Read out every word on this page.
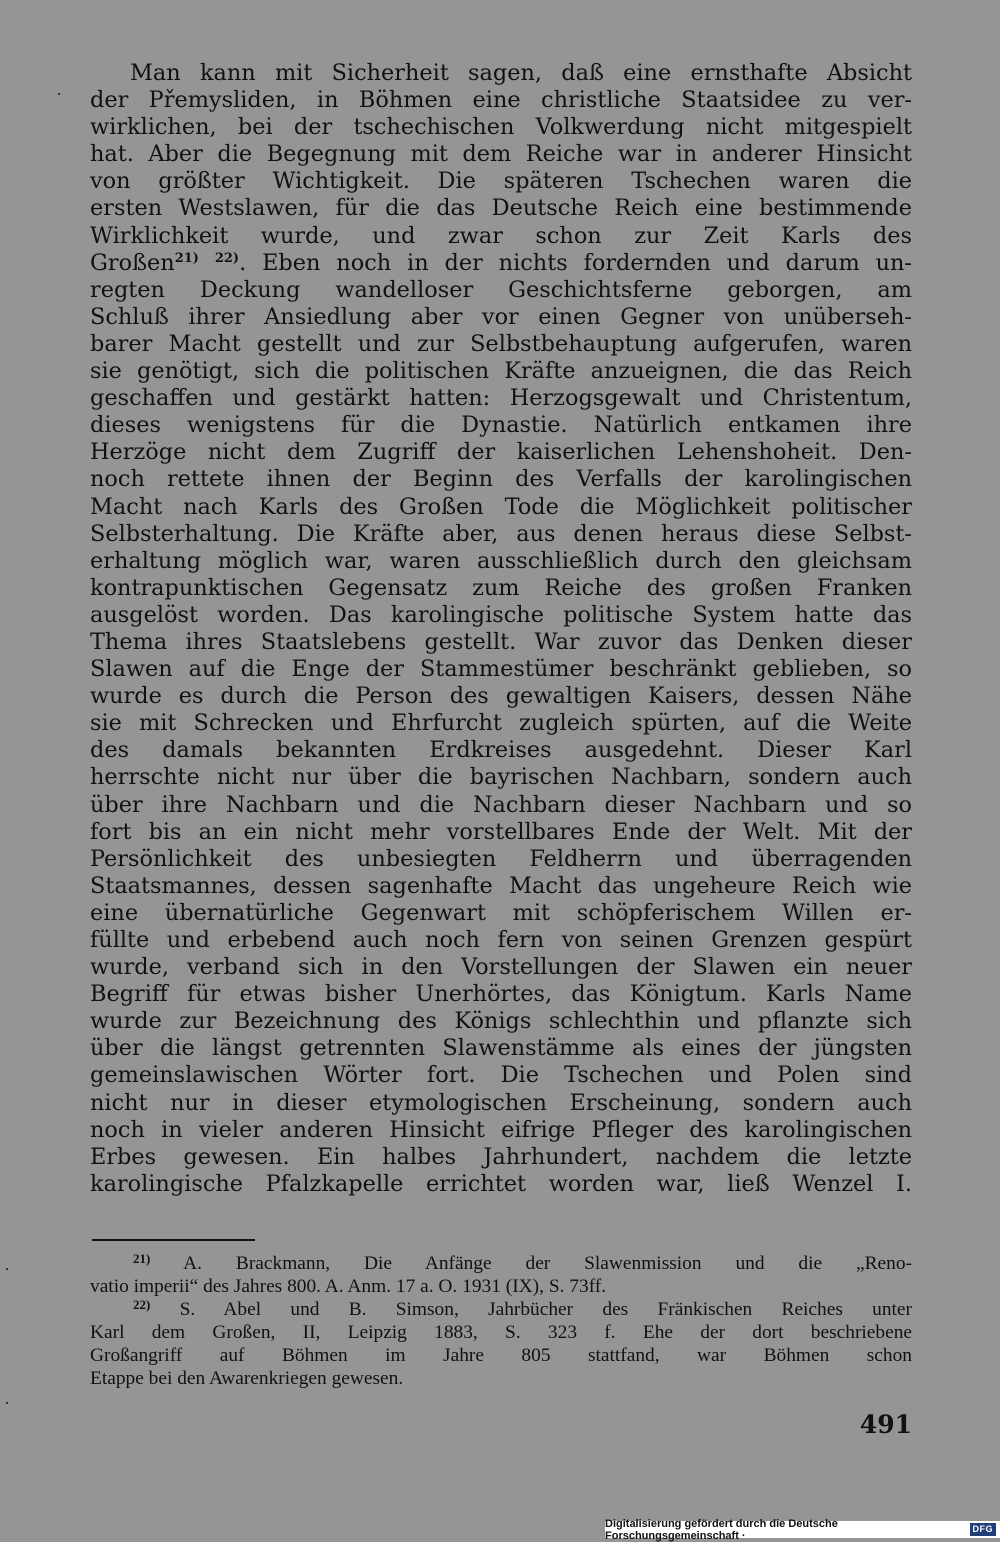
Man kann mit Sicherheit sagen, daß eine ernsthafte Absicht
der Přemysliden, in Böhmen eine christliche Staatsidee zu ver-
wirklichen, bei der tschechischen Volkwerdung nicht mitgespielt
hat. Aber die Begegnung mit dem Reiche war in anderer Hinsicht
von größter Wichtigkeit. Die späteren Tschechen waren die
ersten Westslawen, für die das Deutsche Reich eine bestimmende
Wirklichkeit wurde, und zwar schon zur Zeit Karls des
Großen$^{21)}$ $^{22)}$. Eben noch in der nichts fordernden und darum un-
regten Deckung wandelloser Geschichtsferne geborgen, am
Schluß ihrer Ansiedlung aber vor einen Gegner von unüberseh-
barer Macht gestellt und zur Selbstbehauptung aufgerufen, waren
sie genötigt, sich die politischen Kräfte anzueignen, die das Reich
geschaffen und gestärkt hatten: Herzogsgewalt und Christentum,
dieses wenigstens für die Dynastie. Natürlich entkamen ihre
Herzöge nicht dem Zugriff der kaiserlichen Lehenshoheit. Den-
noch rettete ihnen der Beginn des Verfalls der karolingischen
Macht nach Karls des Großen Tode die Möglichkeit politischer
Selbsterhaltung. Die Kräfte aber, aus denen heraus diese Selbst-
erhaltung möglich war, waren ausschließlich durch den gleichsam
kontrapunktischen Gegensatz zum Reiche des großen Franken
ausgelöst worden. Das karolingische politische System hatte das
Thema ihres Staatslebens gestellt. War zuvor das Denken dieser
Slawen auf die Enge der Stammestümer beschränkt geblieben, so
wurde es durch die Person des gewaltigen Kaisers, dessen Nähe
sie mit Schrecken und Ehrfurcht zugleich spürten, auf die Weite
des damals bekannten Erdkreises ausgedehnt. Dieser Karl
herrschte nicht nur über die bayrischen Nachbarn, sondern auch
über ihre Nachbarn und die Nachbarn dieser Nachbarn und so
fort bis an ein nicht mehr vorstellbares Ende der Welt. Mit der
Persönlichkeit des unbesiegten Feldherrn und überragenden
Staatsmannes, dessen sagenhafte Macht das ungeheure Reich wie
eine übernatürliche Gegenwart mit schöpferischem Willen er-
füllte und erbebend auch noch fern von seinen Grenzen gespürt
wurde, verband sich in den Vorstellungen der Slawen ein neuer
Begriff für etwas bisher Unerhörtes, das Königtum. Karls Name
wurde zur Bezeichnung des Königs schlechthin und pflanzte sich
über die längst getrennten Slawenstämme als eines der jüngsten
gemeinslawischen Wörter fort. Die Tschechen und Polen sind
nicht nur in dieser etymologischen Erscheinung, sondern auch
noch in vieler anderen Hinsicht eifrige Pfleger des karolingischen
Erbes gewesen. Ein halbes Jahrhundert, nachdem die letzte
karolingische Pfalzkapelle errichtet worden war, ließ Wenzel I.
$^{21)}$ A. Brackmann, Die Anfänge der Slawenmission und die „Reno-
vatio imperii“ des Jahres 800. A. Anm. 17 a. O. 1931 (IX), S. 73ff.
$^{22)}$ S. Abel und B. Simson, Jahrbücher des Fränkischen Reiches unter
Karl dem Großen, II, Leipzig 1883, S. 323 f. Ehe der dort beschriebene
Großangriff auf Böhmen im Jahre 805 stattfand, war Böhmen schon
Etappe bei den Awarenkriegen gewesen.
491
Digitalisierung gefördert durch die Deutsche Forschungsgemeinschaft ·
DFG
